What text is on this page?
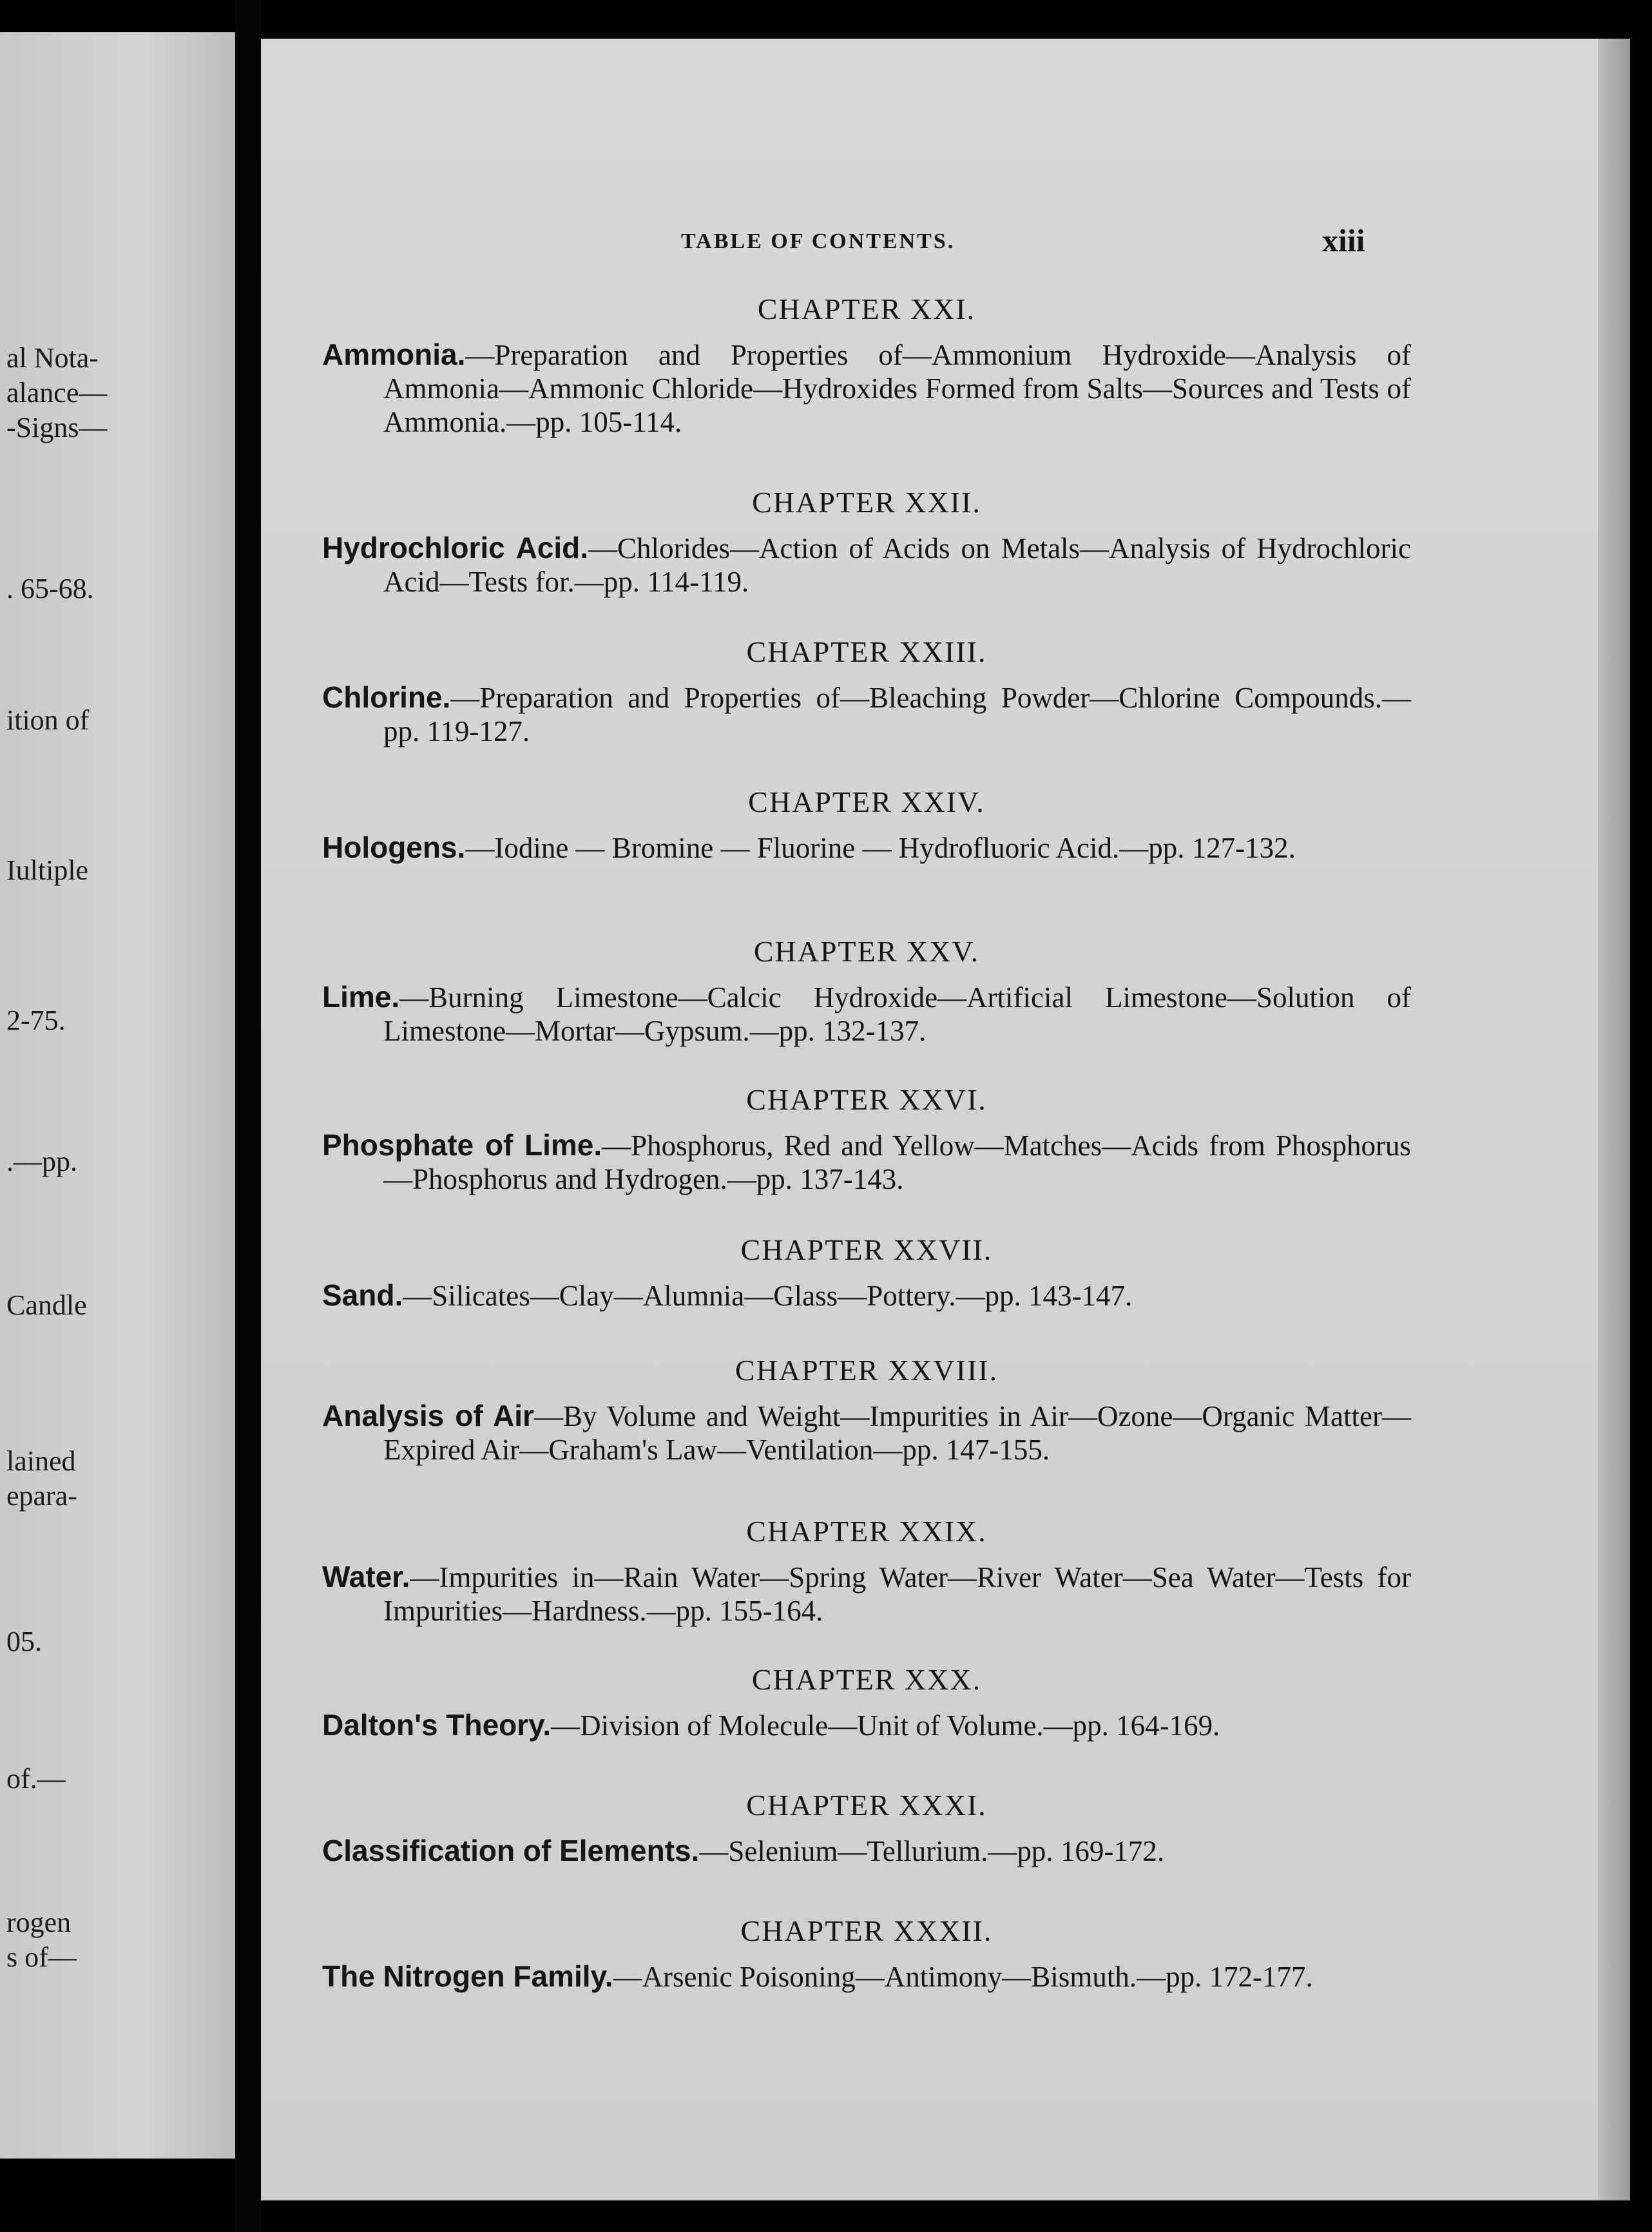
al Nota-
alance—
-Signs—
. 65-68.
ition of
Iultiple
2-75.
.—pp.
Candle
lained
epara-
05.
of.—
rogen
s of—
TABLE OF CONTENTS.	xiii
CHAPTER XXI.
Ammonia.—Preparation and Properties of—Ammonium Hydroxide—Analysis of Ammonia—Ammonic Chloride—Hydroxides Formed from Salts—Sources and Tests of Ammonia.—pp. 105-114.
CHAPTER XXII.
Hydrochloric Acid.—Chlorides—Action of Acids on Metals—Analysis of Hydrochloric Acid—Tests for.—pp. 114-119.
CHAPTER XXIII.
Chlorine.—Preparation and Properties of—Bleaching Powder—Chlorine Compounds.—pp. 119-127.
CHAPTER XXIV.
Hologens.—Iodine — Bromine — Fluorine — Hydrofluoric Acid.—pp. 127-132.
CHAPTER XXV.
Lime.—Burning Limestone—Calcic Hydroxide—Artificial Limestone—Solution of Limestone—Mortar—Gypsum.—pp. 132-137.
CHAPTER XXVI.
Phosphate of Lime.—Phosphorus, Red and Yellow—Matches—Acids from Phosphorus—Phosphorus and Hydrogen.—pp. 137-143.
CHAPTER XXVII.
Sand.—Silicates—Clay—Alumnia—Glass—Pottery.—pp. 143-147.
CHAPTER XXVIII.
Analysis of Air—By Volume and Weight—Impurities in Air—Ozone—Organic Matter—Expired Air—Graham's Law—Ventilation—pp. 147-155.
CHAPTER XXIX.
Water.—Impurities in—Rain Water—Spring Water—River Water—Sea Water—Tests for Impurities—Hardness.—pp. 155-164.
CHAPTER XXX.
Dalton's Theory.—Division of Molecule—Unit of Volume.—pp. 164-169.
CHAPTER XXXI.
Classification of Elements.—Selenium—Tellurium.—pp. 169-172.
CHAPTER XXXII.
The Nitrogen Family.—Arsenic Poisoning—Antimony—Bismuth.—pp. 172-177.
